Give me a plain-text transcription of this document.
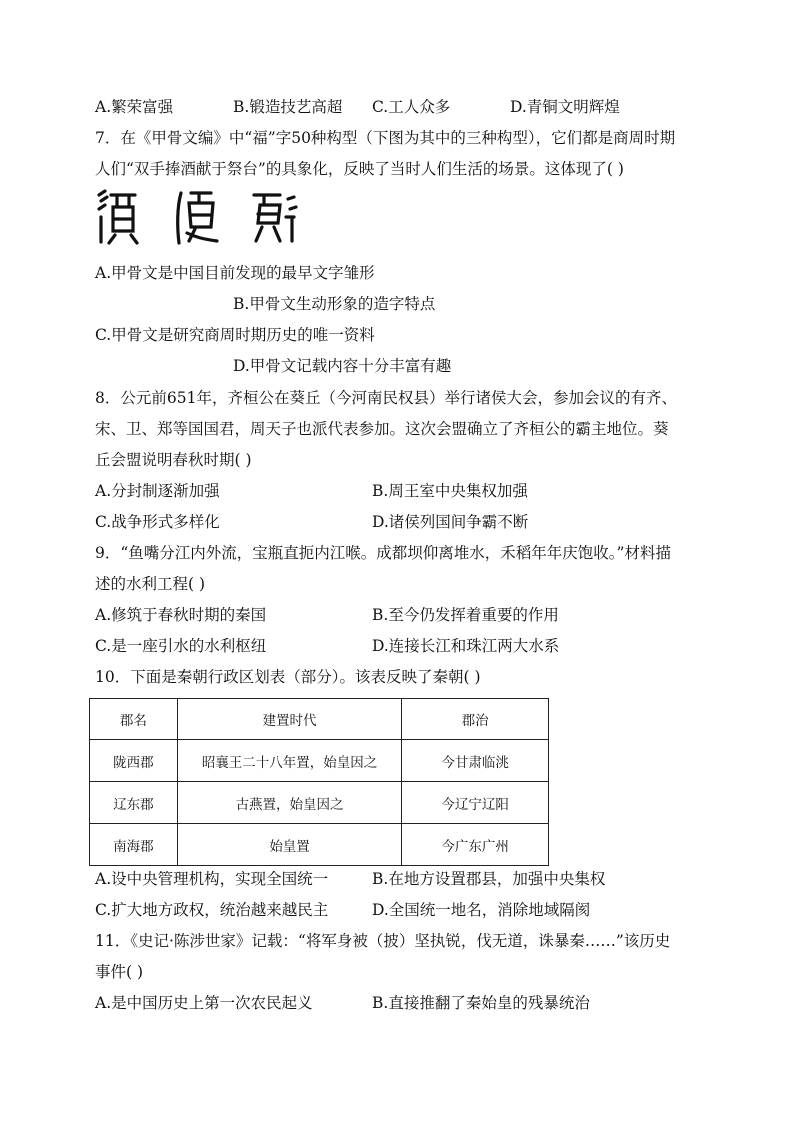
A.繁荣富强	B.锻造技艺高超 C.工人众多	D.青铜文明辉煌
7．在《甲骨文编》中“福”字50种构型（下图为其中的三种构型），它们都是商周时期
人们“双手捧酒献于祭台”的具象化，反映了当时人们生活的场景。这体现了( )
A.甲骨文是中国目前发现的最早文字雏形
B.甲骨文生动形象的造字特点
C.甲骨文是研究商周时期历史的唯一资料
D.甲骨文记载内容十分丰富有趣
8．公元前651年，齐桓公在葵丘（今河南民权县）举行诸侯大会，参加会议的有齐、
宋、卫、郑等国国君，周天子也派代表参加。这次会盟确立了齐桓公的霸主地位。葵
丘会盟说明春秋时期( )
A.分封制逐渐加强	B.周王室中央集权加强
C.战争形式多样化	D.诸侯列国间争霸不断
9．“鱼嘴分江内外流，宝瓶直扼内江喉。成都坝仰离堆水，禾稻年年庆饱收。”材料描
述的水利工程( )
A.修筑于春秋时期的秦国	B.至今仍发挥着重要的作用
C.是一座引水的水利枢纽	D.连接长江和珠江两大水系
10．下面是秦朝行政区划表（部分）。该表反映了秦朝( )
郡名	建置时代	郡治
陇西郡	昭襄王二十八年置，始皇因之	今甘肃临洮
辽东郡	古燕置，始皇因之	今辽宁辽阳
南海郡	始皇置	今广东广州
A.设中央管理机构，实现全国统一	B.在地方设置郡县，加强中央集权
C.扩大地方政权，统治越来越民主	D.全国统一地名，消除地域隔阂
11．《史记·陈涉世家》记载：“将军身被（披）坚执锐，伐无道，诛暴秦……”该历史
事件( )
A.是中国历史上第一次农民起义	B.直接推翻了秦始皇的残暴统治
